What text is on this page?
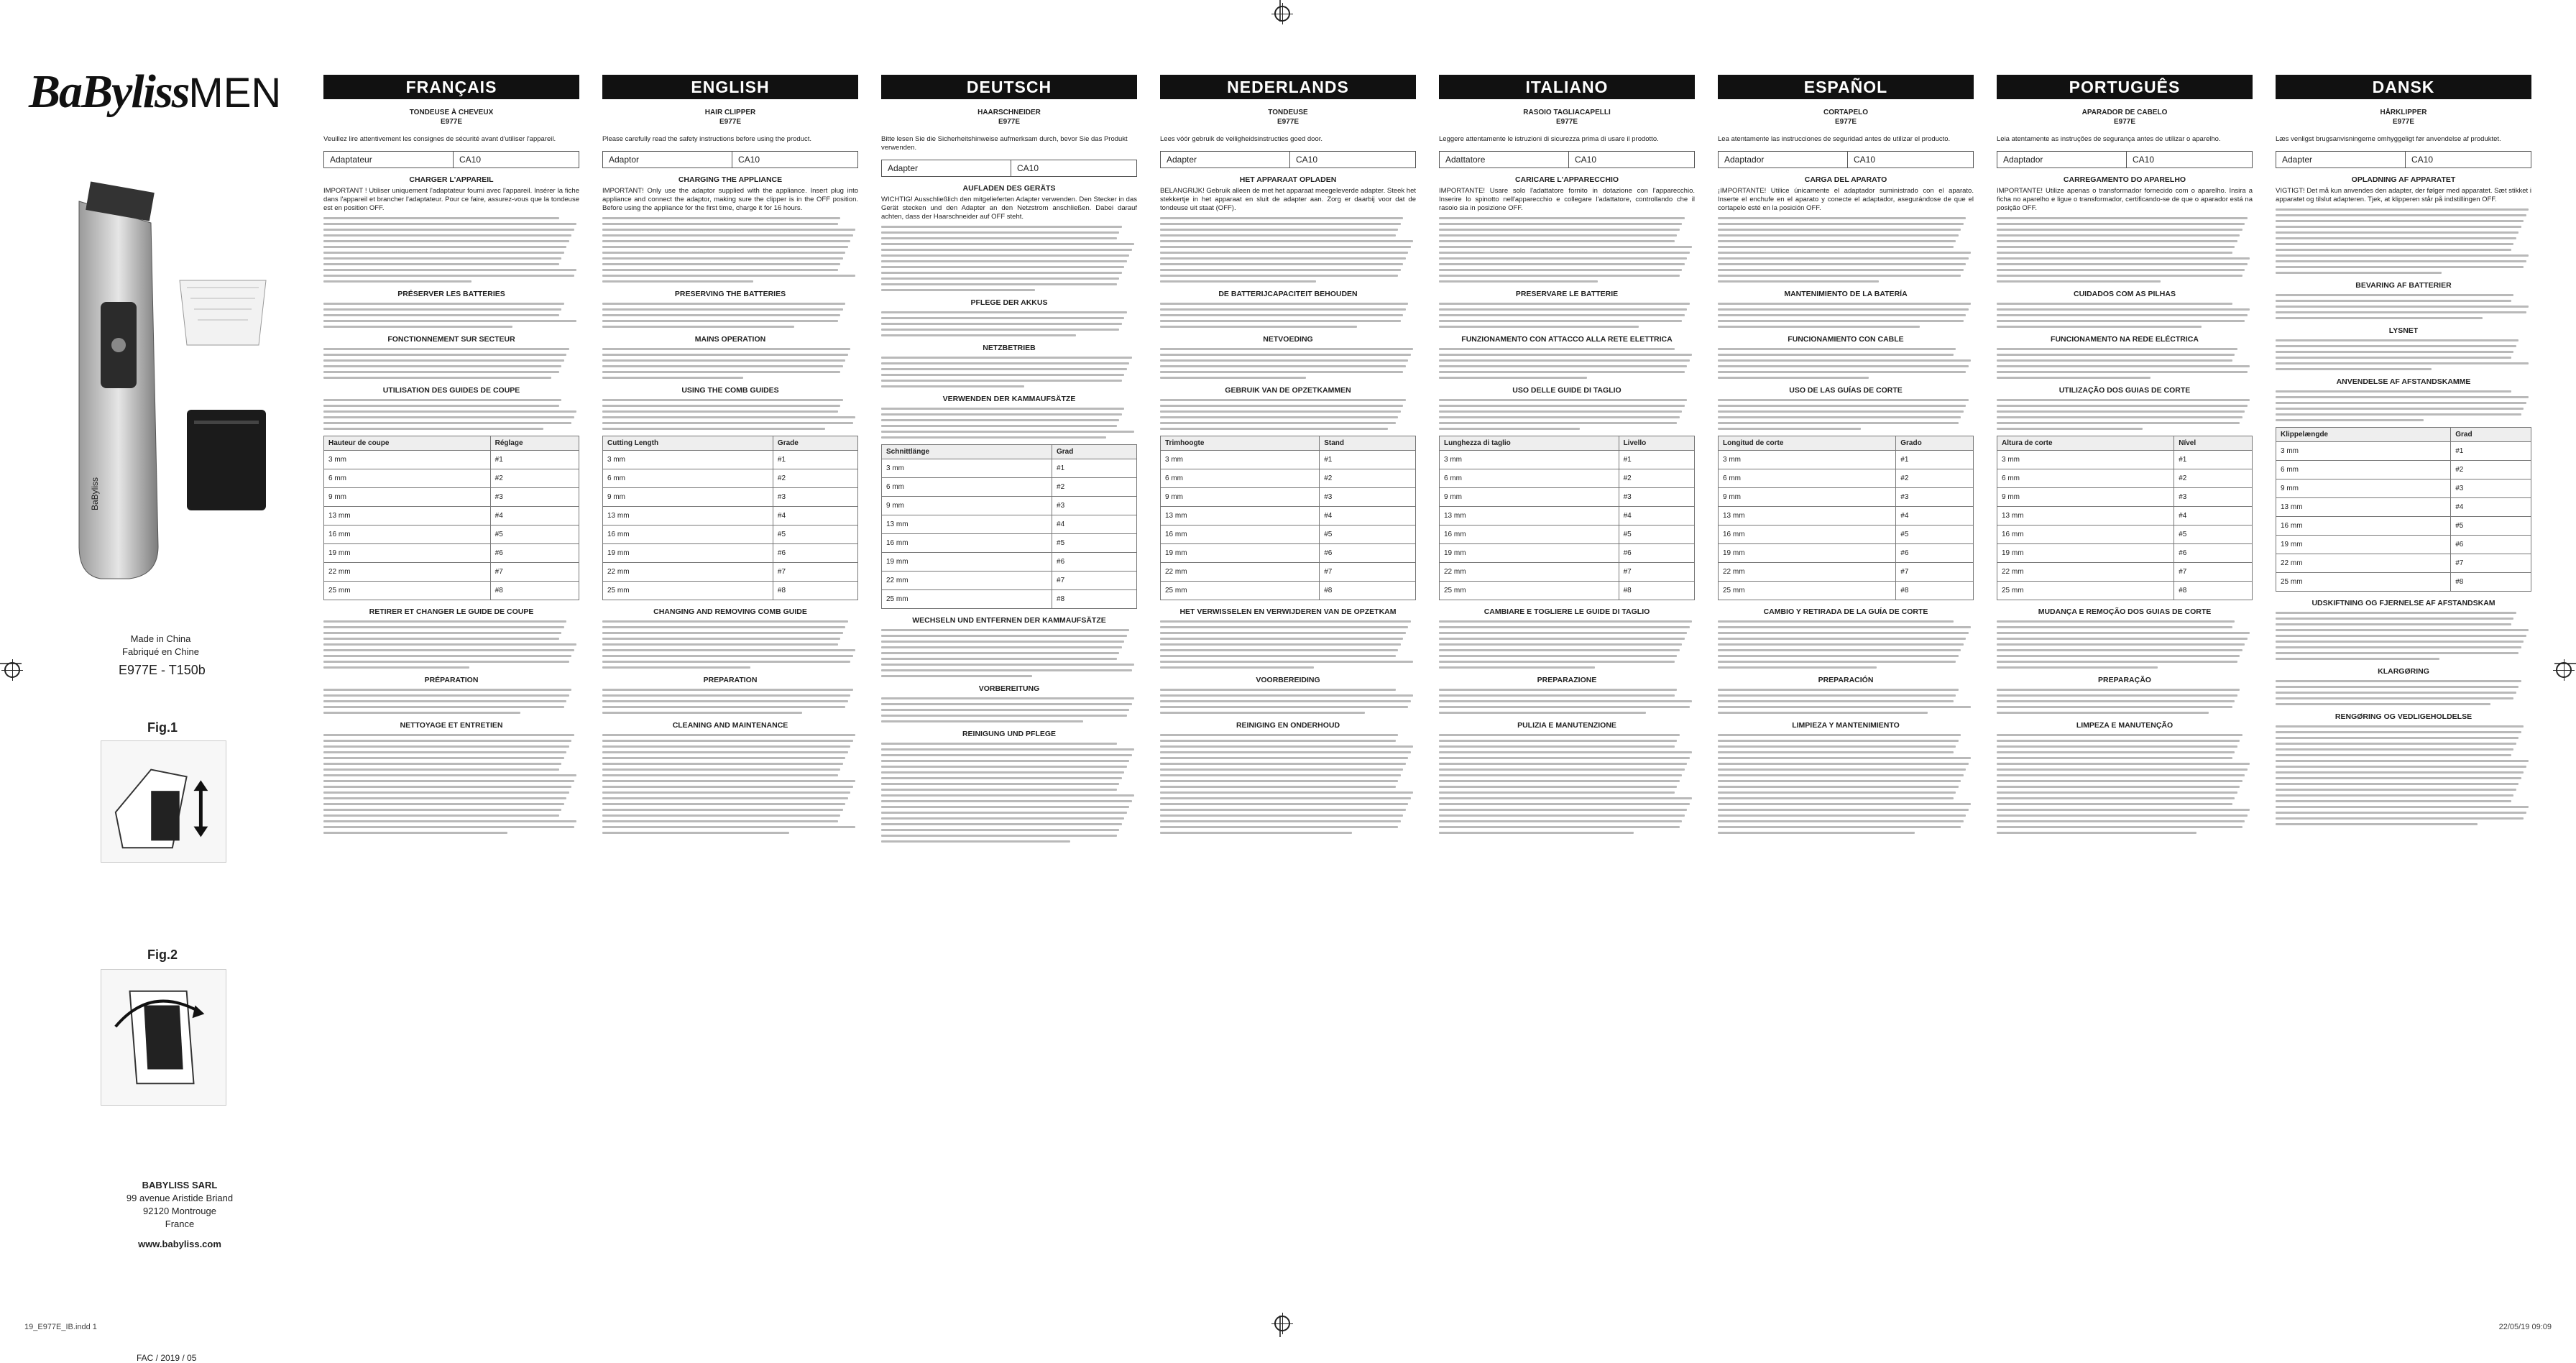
BaBylissMEN
BaByliss
Made in China
Fabriqué en Chine
E977E - T150b
Fig.1
Fig.2
BABYLISS SARL
99 avenue Aristide Briand
92120 Montrouge
France
www.babyliss.com
FAC / 2019 / 05
FRANÇAIS
TONDEUSE À CHEVEUX
E977E
Veuillez lire attentivement les consignes de sécurité avant d'utiliser l'appareil.
Adaptateur	CA10
CHARGER L'APPAREIL
IMPORTANT ! Utiliser uniquement l'adaptateur fourni avec l'appareil. Insérer la fiche dans l'appareil et brancher l'adaptateur. Pour ce faire, assurez-vous que la tondeuse est en position OFF.
PRÉSERVER LES BATTERIES
FONCTIONNEMENT SUR SECTEUR
UTILISATION DES GUIDES DE COUPE
Hauteur de coupe	Réglage
3 mm	#1
6 mm	#2
9 mm	#3
13 mm	#4
16 mm	#5
19 mm	#6
22 mm	#7
25 mm	#8
RETIRER ET CHANGER LE GUIDE DE COUPE
PRÉPARATION
NETTOYAGE ET ENTRETIEN
ENGLISH
HAIR CLIPPER
E977E
Please carefully read the safety instructions before using the product.
Adaptor	CA10
CHARGING THE APPLIANCE
IMPORTANT! Only use the adaptor supplied with the appliance. Insert plug into appliance and connect the adaptor, making sure the clipper is in the OFF position. Before using the appliance for the first time, charge it for 16 hours.
PRESERVING THE BATTERIES
MAINS OPERATION
USING THE COMB GUIDES
Cutting Length	Grade
3 mm	#1
6 mm	#2
9 mm	#3
13 mm	#4
16 mm	#5
19 mm	#6
22 mm	#7
25 mm	#8
CHANGING AND REMOVING COMB GUIDE
PREPARATION
CLEANING AND MAINTENANCE
DEUTSCH
HAARSCHNEIDER
E977E
Bitte lesen Sie die Sicherheitshinweise aufmerksam durch, bevor Sie das Produkt verwenden.
Adapter	CA10
AUFLADEN DES GERÄTS
WICHTIG! Ausschließlich den mitgelieferten Adapter verwenden. Den Stecker in das Gerät stecken und den Adapter an den Netzstrom anschließen. Dabei darauf achten, dass der Haarschneider auf OFF steht.
PFLEGE DER AKKUS
NETZBETRIEB
VERWENDEN DER KAMMAUFSÄTZE
Schnittlänge	Grad
3 mm	#1
6 mm	#2
9 mm	#3
13 mm	#4
16 mm	#5
19 mm	#6
22 mm	#7
25 mm	#8
WECHSELN UND ENTFERNEN DER KAMMAUFSÄTZE
VORBEREITUNG
REINIGUNG UND PFLEGE
NEDERLANDS
TONDEUSE
E977E
Lees vóór gebruik de veiligheidsinstructies goed door.
Adapter	CA10
HET APPARAAT OPLADEN
BELANGRIJK! Gebruik alleen de met het apparaat meegeleverde adapter. Steek het stekkertje in het apparaat en sluit de adapter aan. Zorg er daarbij voor dat de tondeuse uit staat (OFF).
DE BATTERIJCAPACITEIT BEHOUDEN
NETVOEDING
GEBRUIK VAN DE OPZETKAMMEN
Trimhoogte	Stand
3 mm	#1
6 mm	#2
9 mm	#3
13 mm	#4
16 mm	#5
19 mm	#6
22 mm	#7
25 mm	#8
HET VERWISSELEN EN VERWIJDEREN VAN DE OPZETKAM
VOORBEREIDING
REINIGING EN ONDERHOUD
ITALIANO
RASOIO TAGLIACAPELLI
E977E
Leggere attentamente le istruzioni di sicurezza prima di usare il prodotto.
Adattatore	CA10
CARICARE L'APPARECCHIO
IMPORTANTE! Usare solo l'adattatore fornito in dotazione con l'apparecchio. Inserire lo spinotto nell'apparecchio e collegare l'adattatore, controllando che il rasoio sia in posizione OFF.
PRESERVARE LE BATTERIE
FUNZIONAMENTO CON ATTACCO ALLA RETE ELETTRICA
USO DELLE GUIDE DI TAGLIO
Lunghezza di taglio	Livello
3 mm	#1
6 mm	#2
9 mm	#3
13 mm	#4
16 mm	#5
19 mm	#6
22 mm	#7
25 mm	#8
CAMBIARE E TOGLIERE LE GUIDE DI TAGLIO
PREPARAZIONE
PULIZIA E MANUTENZIONE
ESPAÑOL
CORTAPELO
E977E
Lea atentamente las instrucciones de seguridad antes de utilizar el producto.
Adaptador	CA10
CARGA DEL APARATO
¡IMPORTANTE! Utilice únicamente el adaptador suministrado con el aparato. Inserte el enchufe en el aparato y conecte el adaptador, asegurándose de que el cortapelo esté en la posición OFF.
MANTENIMIENTO DE LA BATERÍA
FUNCIONAMIENTO CON CABLE
USO DE LAS GUÍAS DE CORTE
Longitud de corte	Grado
3 mm	#1
6 mm	#2
9 mm	#3
13 mm	#4
16 mm	#5
19 mm	#6
22 mm	#7
25 mm	#8
CAMBIO Y RETIRADA DE LA GUÍA DE CORTE
PREPARACIÓN
LIMPIEZA Y MANTENIMIENTO
PORTUGUÊS
APARADOR DE CABELO
E977E
Leia atentamente as instruções de segurança antes de utilizar o aparelho.
Adaptador	CA10
CARREGAMENTO DO APARELHO
IMPORTANTE! Utilize apenas o transformador fornecido com o aparelho. Insira a ficha no aparelho e ligue o transformador, certificando-se de que o aparador está na posição OFF.
CUIDADOS COM AS PILHAS
FUNCIONAMENTO NA REDE ELÉCTRICA
UTILIZAÇÃO DOS GUIAS DE CORTE
Altura de corte	Nível
3 mm	#1
6 mm	#2
9 mm	#3
13 mm	#4
16 mm	#5
19 mm	#6
22 mm	#7
25 mm	#8
MUDANÇA E REMOÇÃO DOS GUIAS DE CORTE
PREPARAÇÃO
LIMPEZA E MANUTENÇÃO
DANSK
HÅRKLIPPER
E977E
Læs venligst brugsanvisningerne omhyggeligt før anvendelse af produktet.
Adapter	CA10
OPLADNING AF APPARATET
VIGTIGT! Det må kun anvendes den adapter, der følger med apparatet. Sæt stikket i apparatet og tilslut adapteren. Tjek, at klipperen står på indstillingen OFF.
BEVARING AF BATTERIER
LYSNET
ANVENDELSE AF AFSTANDSKAMME
Klippelængde	Grad
3 mm	#1
6 mm	#2
9 mm	#3
13 mm	#4
16 mm	#5
19 mm	#6
22 mm	#7
25 mm	#8
UDSKIFTNING OG FJERNELSE AF AFSTANDSKAM
KLARGØRING
RENGØRING OG VEDLIGEHOLDELSE
19_E977E_IB.indd 1	22/05/19 09:09
